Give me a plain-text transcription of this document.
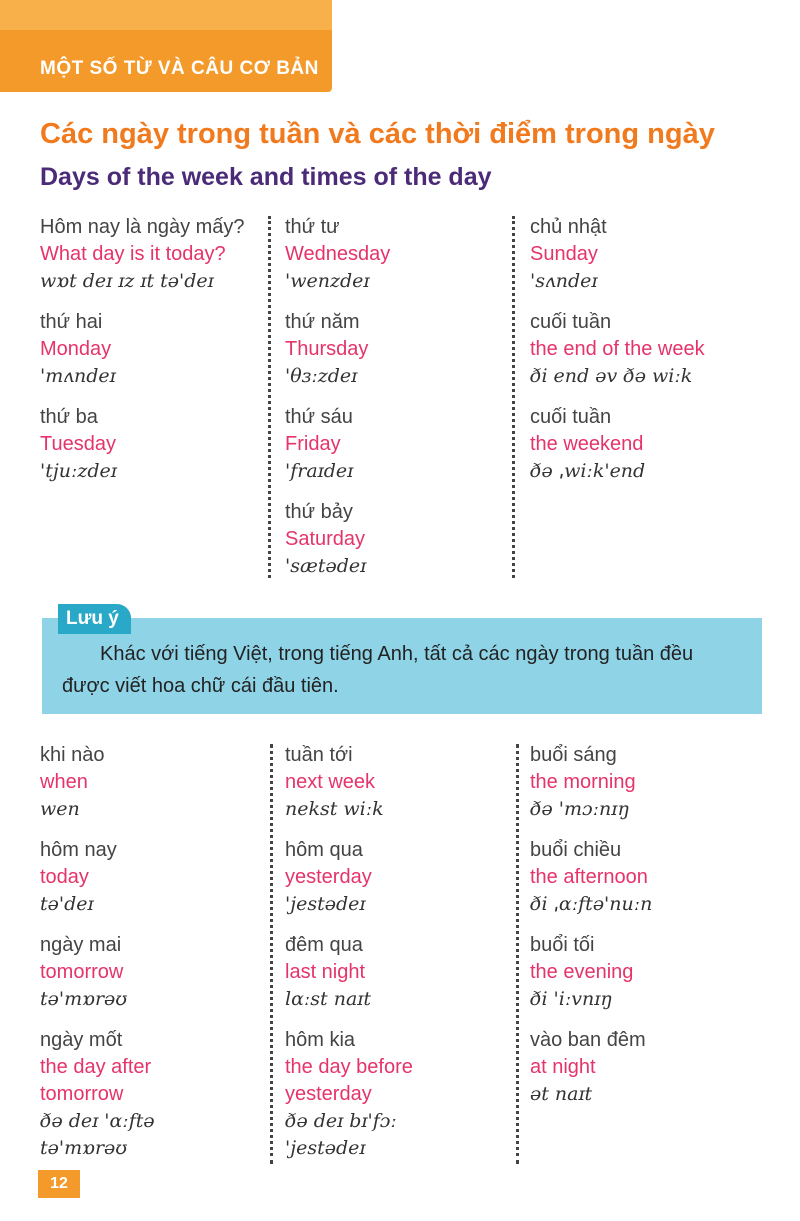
MỘT SỐ TỪ VÀ CÂU CƠ BẢN
Các ngày trong tuần và các thời điểm trong ngày
Days of the week and times of the day
Hôm nay là ngày mấy?
What day is it today?
wɒt deɪ ɪz ɪt tə'deɪ
thứ hai
Monday
'mʌndeɪ
thứ ba
Tuesday
'tjuːzdeɪ
thứ tư
Wednesday
'wenzdeɪ
thứ năm
Thursday
'θɜːzdeɪ
thứ sáu
Friday
'fraɪdeɪ
thứ bảy
Saturday
'sætədeɪ
chủ nhật
Sunday
'sʌndeɪ
cuối tuần
the end of the week
ði end əv ðə wiːk
cuối tuần
the weekend
ðə ˌwiːk'end
Lưu ý
Khác với tiếng Việt, trong tiếng Anh, tất cả các ngày trong tuần đều được viết hoa chữ cái đầu tiên.
khi nào
when
wen
hôm nay
today
tə'deɪ
ngày mai
tomorrow
tə'mɒrəʊ
ngày mốt
the day after tomorrow
ðə deɪ 'ɑːftə tə'mɒrəʊ
tuần tới
next week
nekst wiːk
hôm qua
yesterday
'jestədeɪ
đêm qua
last night
lɑːst naɪt
hôm kia
the day before yesterday
ðə deɪ bɪ'fɔː 'jestədeɪ
buổi sáng
the morning
ðə 'mɔːnɪŋ
buổi chiều
the afternoon
ði ˌɑːftə'nuːn
buổi tối
the evening
ði 'iːvnɪŋ
vào ban đêm
at night
ət naɪt
12
